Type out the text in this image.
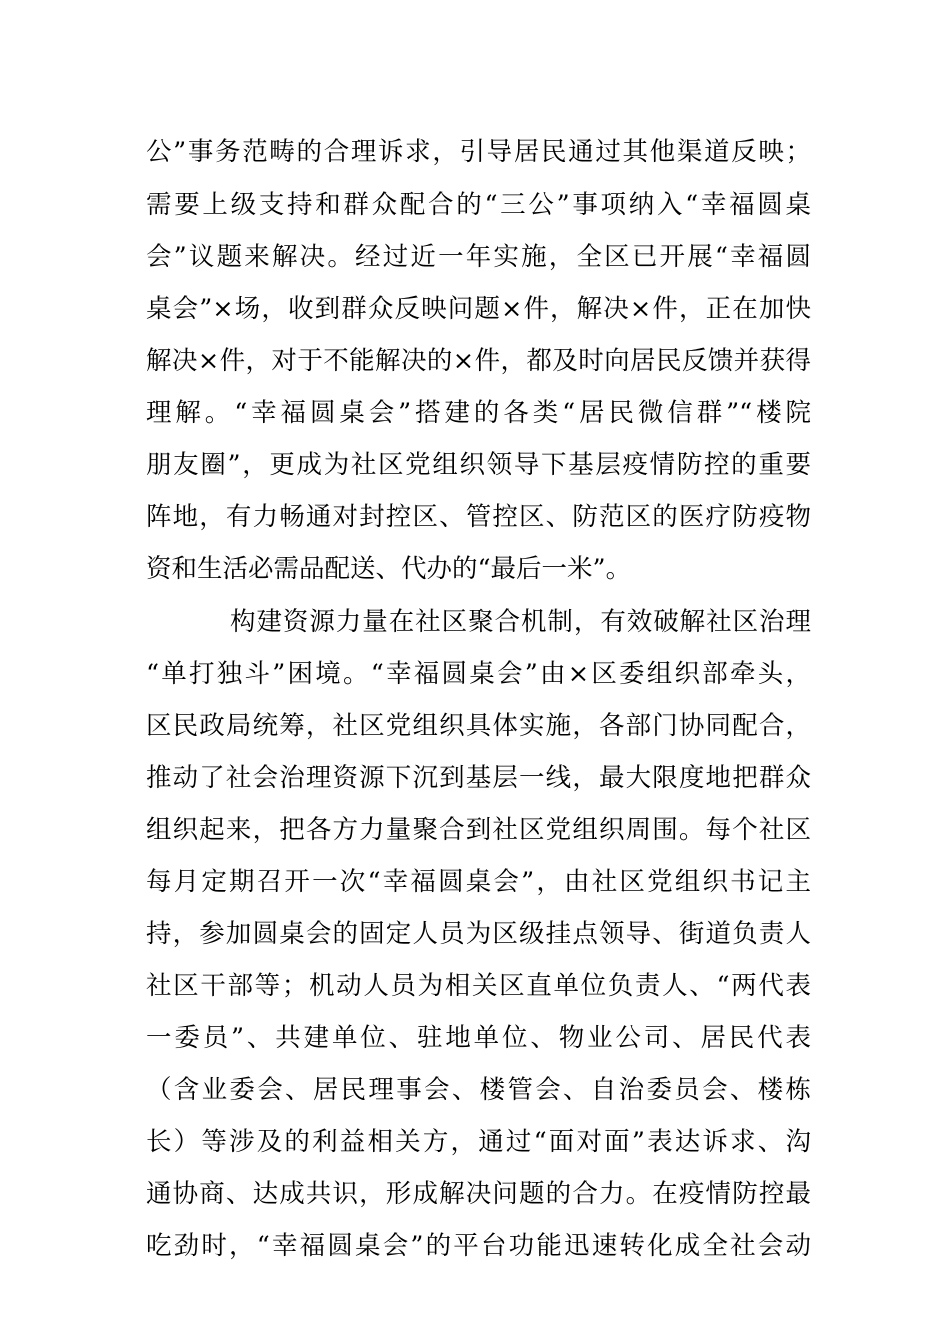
公”事务范畴的合理诉求，引导居民通过其他渠道反映；
需要上级支持和群众配合的“三公”事项纳入“幸福圆桌
会”议题来解决。经过近一年实施，全区已开展“幸福圆
桌会”×场，收到群众反映问题×件，解决×件，正在加快
解决×件，对于不能解决的×件，都及时向居民反馈并获得
理解。“幸福圆桌会”搭建的各类“居民微信群”“楼院
朋友圈”，更成为社区党组织领导下基层疫情防控的重要
阵地，有力畅通对封控区、管控区、防范区的医疗防疫物
资和生活必需品配送、代办的“最后一米”。
构建资源力量在社区聚合机制，有效破解社区治理
“单打独斗”困境。“幸福圆桌会”由×区委组织部牵头，
区民政局统筹，社区党组织具体实施，各部门协同配合，
推动了社会治理资源下沉到基层一线，最大限度地把群众
组织起来，把各方力量聚合到社区党组织周围。每个社区
每月定期召开一次“幸福圆桌会”，由社区党组织书记主
持，参加圆桌会的固定人员为区级挂点领导、街道负责人
社区干部等；机动人员为相关区直单位负责人、“两代表
一委员”、共建单位、驻地单位、物业公司、居民代表
（含业委会、居民理事会、楼管会、自治委员会、楼栋
长）等涉及的利益相关方，通过“面对面”表达诉求、沟
通协商、达成共识，形成解决问题的合力。在疫情防控最
吃劲时，“幸福圆桌会”的平台功能迅速转化成全社会动
